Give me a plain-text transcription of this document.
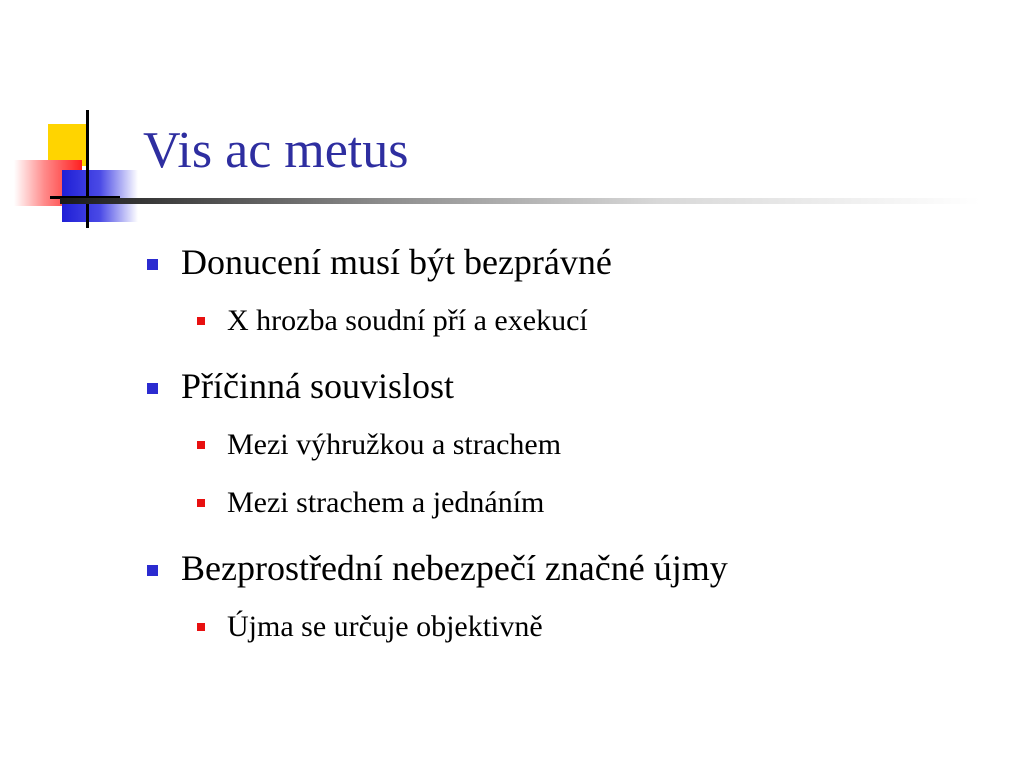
Vis ac metus
Donucení musí být bezprávné
X hrozba soudní pří a exekucí
Příčinná souvislost
Mezi výhružkou a strachem
Mezi strachem a jednáním
Bezprostřední nebezpečí značné újmy
Újma se určuje objektivně
